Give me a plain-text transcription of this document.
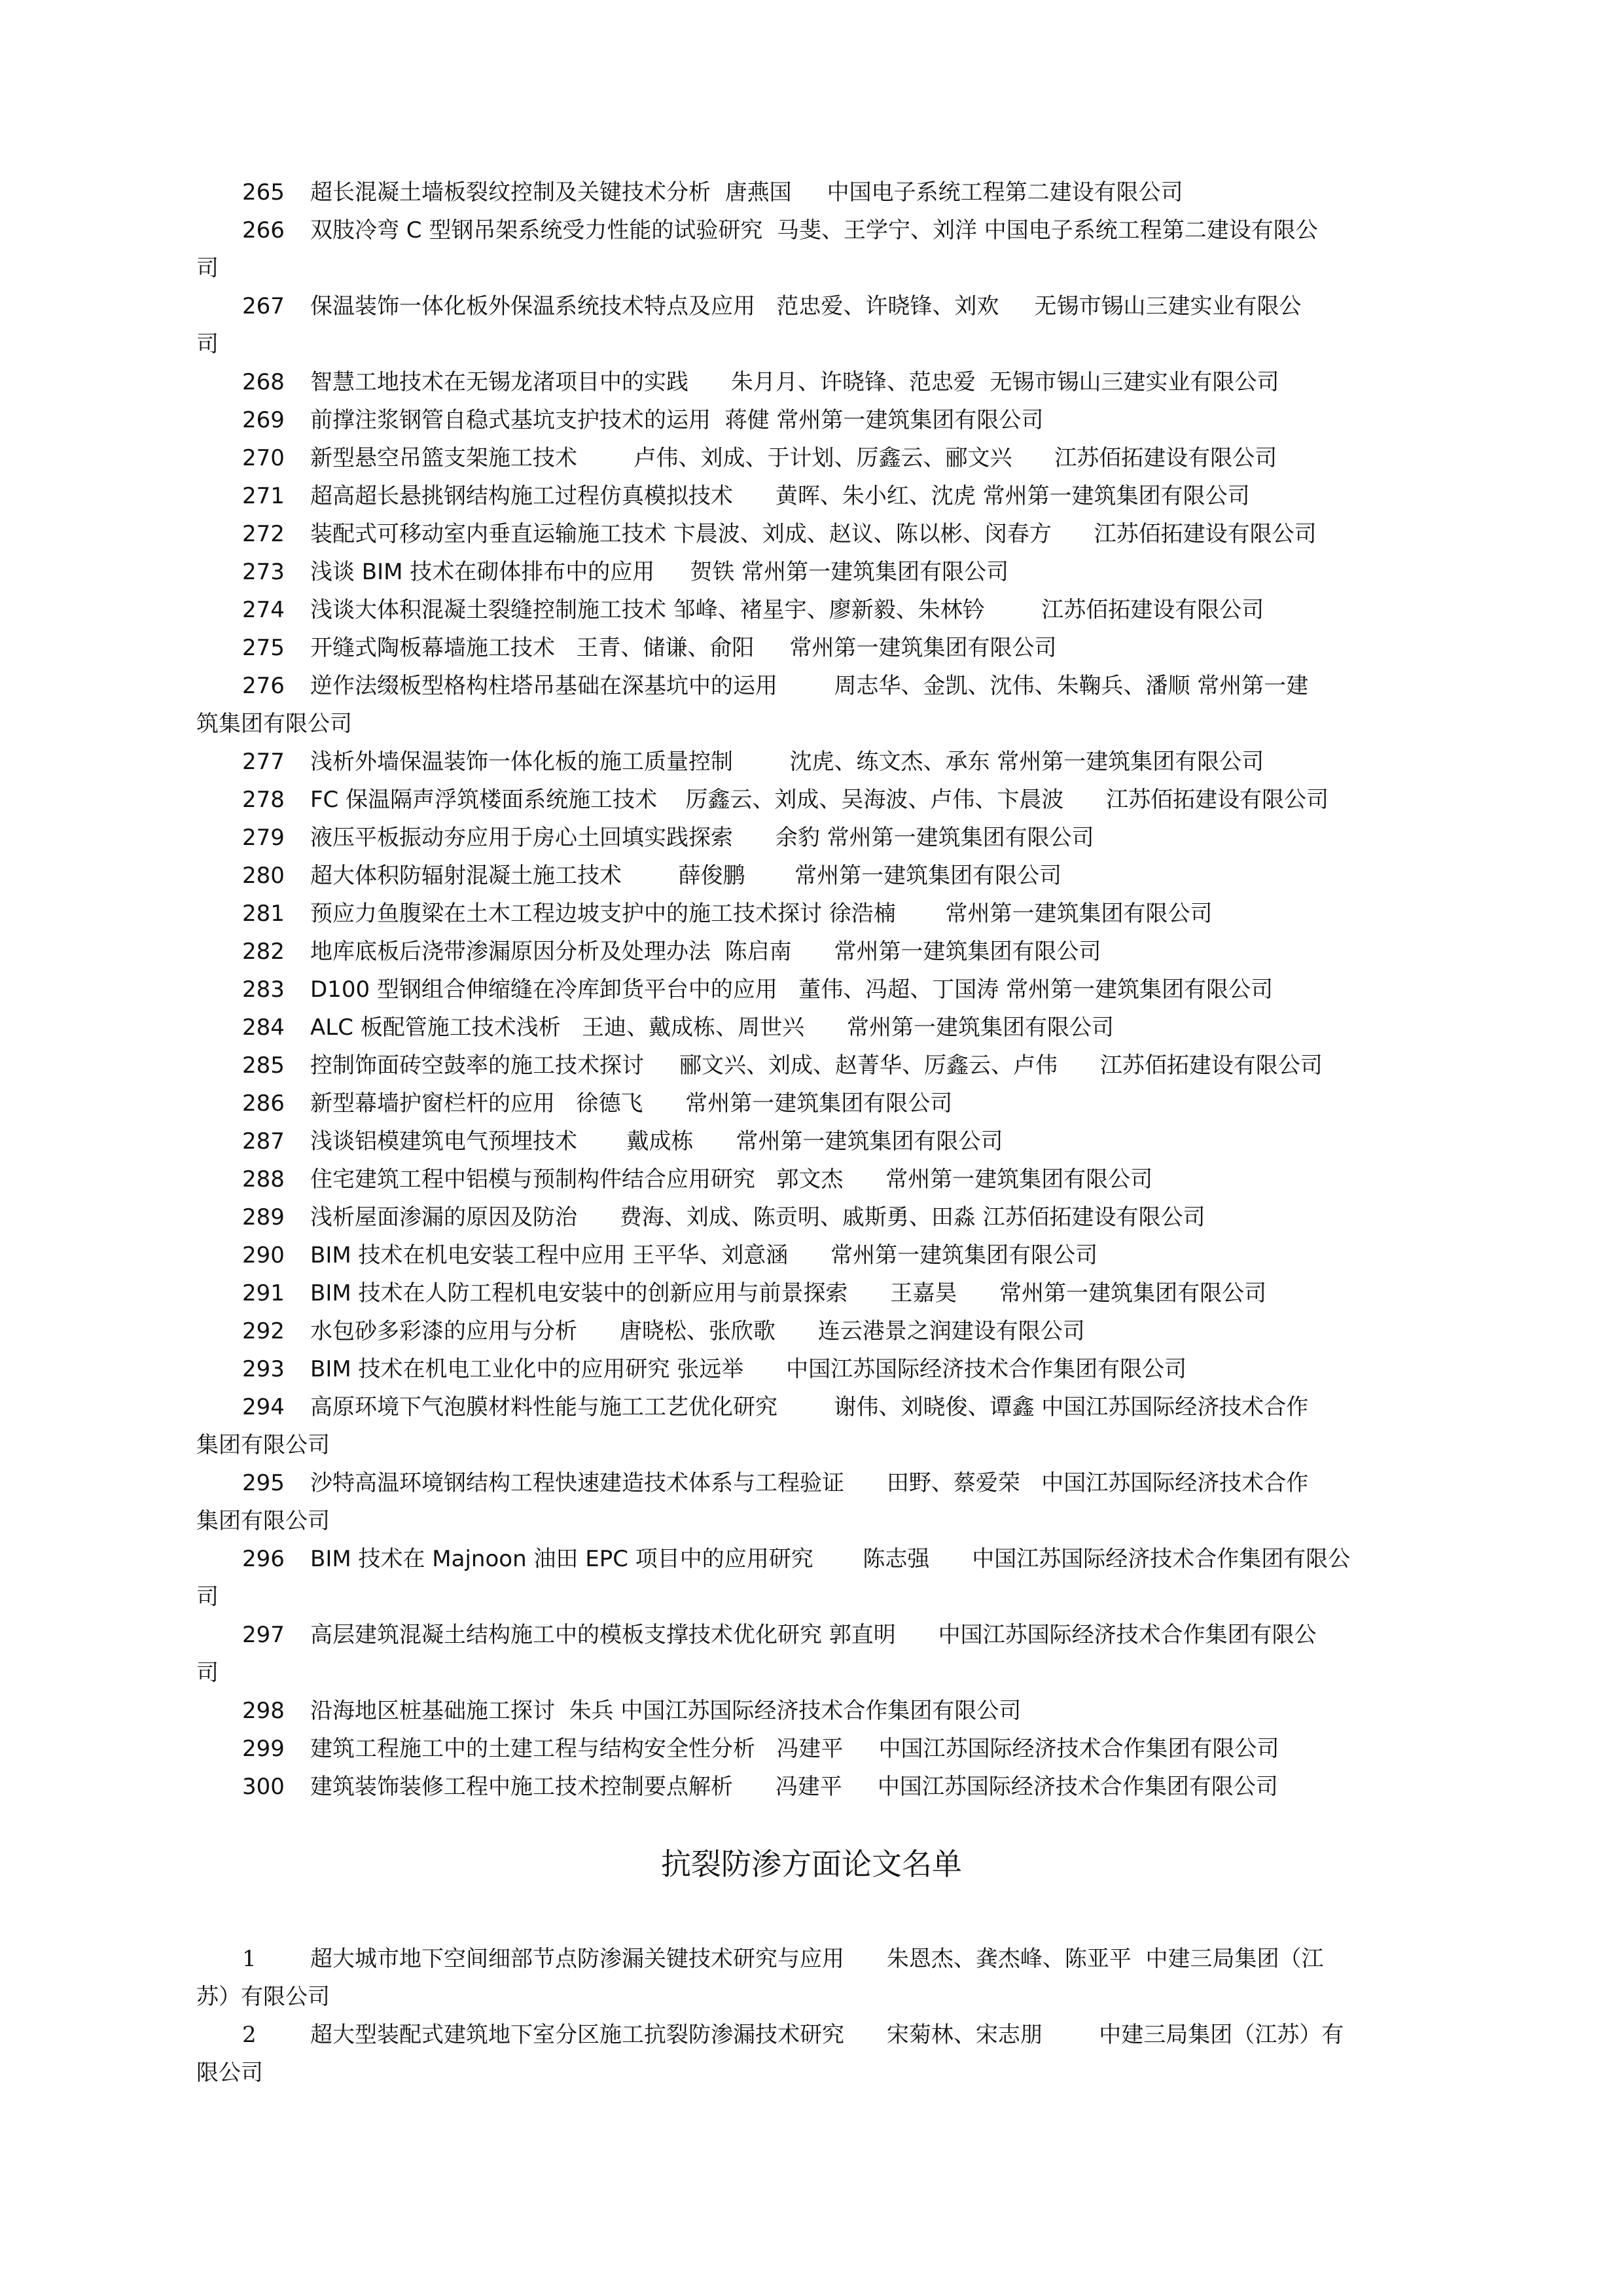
265 超长混凝土墙板裂纹控制及关键技术分析  唐燕国     中国电子系统工程第二建设有限公司
266 双肢冷弯 C 型钢吊架系统受力性能的试验研究  马斐、王学宁、刘洋 中国电子系统工程第二建设有限公
司
267 保温装饰一体化板外保温系统技术特点及应用   范忠爱、许晓锋、刘欢     无锡市锡山三建实业有限公
司
268 智慧工地技术在无锡龙渚项目中的实践      朱月月、许晓锋、范忠爱  无锡市锡山三建实业有限公司
269 前撑注浆钢管自稳式基坑支护技术的运用  蒋健 常州第一建筑集团有限公司
270 新型悬空吊篮支架施工技术        卢伟、刘成、于计划、厉鑫云、郦文兴      江苏佰拓建设有限公司
271 超高超长悬挑钢结构施工过程仿真模拟技术      黄晖、朱小红、沈虎 常州第一建筑集团有限公司
272 装配式可移动室内垂直运输施工技术 卞晨波、刘成、赵议、陈以彬、闵春方      江苏佰拓建设有限公司
273 浅谈 BIM 技术在砌体排布中的应用     贺铁 常州第一建筑集团有限公司
274 浅谈大体积混凝土裂缝控制施工技术 邹峰、褚星宇、廖新毅、朱林钤        江苏佰拓建设有限公司
275 开缝式陶板幕墙施工技术   王青、储谦、俞阳     常州第一建筑集团有限公司
276 逆作法缀板型格构柱塔吊基础在深基坑中的运用        周志华、金凯、沈伟、朱鞠兵、潘顺 常州第一建
筑集团有限公司
277 浅析外墙保温装饰一体化板的施工质量控制        沈虎、练文杰、承东 常州第一建筑集团有限公司
278 FC 保温隔声浮筑楼面系统施工技术    厉鑫云、刘成、吴海波、卢伟、卞晨波      江苏佰拓建设有限公司
279 液压平板振动夯应用于房心土回填实践探索      余豹 常州第一建筑集团有限公司
280 超大体积防辐射混凝土施工技术        薛俊鹏       常州第一建筑集团有限公司
281 预应力鱼腹梁在土木工程边坡支护中的施工技术探讨 徐浩楠       常州第一建筑集团有限公司
282 地库底板后浇带渗漏原因分析及处理办法  陈启南      常州第一建筑集团有限公司
283 D100 型钢组合伸缩缝在冷库卸货平台中的应用   董伟、冯超、丁国涛 常州第一建筑集团有限公司
284 ALC 板配管施工技术浅析   王迪、戴成栋、周世兴      常州第一建筑集团有限公司
285 控制饰面砖空鼓率的施工技术探讨     郦文兴、刘成、赵菁华、厉鑫云、卢伟      江苏佰拓建设有限公司
286 新型幕墙护窗栏杆的应用   徐德飞      常州第一建筑集团有限公司
287 浅谈铝模建筑电气预埋技术       戴成栋      常州第一建筑集团有限公司
288 住宅建筑工程中铝模与预制构件结合应用研究   郭文杰      常州第一建筑集团有限公司
289 浅析屋面渗漏的原因及防治      费海、刘成、陈贡明、戚斯勇、田淼 江苏佰拓建设有限公司
290 BIM 技术在机电安装工程中应用 王平华、刘意涵      常州第一建筑集团有限公司
291 BIM 技术在人防工程机电安装中的创新应用与前景探索      王嘉昊      常州第一建筑集团有限公司
292 水包砂多彩漆的应用与分析      唐晓松、张欣歌      连云港景之润建设有限公司
293 BIM 技术在机电工业化中的应用研究 张远举      中国江苏国际经济技术合作集团有限公司
294 高原环境下气泡膜材料性能与施工工艺优化研究        谢伟、刘晓俊、谭鑫 中国江苏国际经济技术合作
集团有限公司
295 沙特高温环境钢结构工程快速建造技术体系与工程验证      田野、蔡爱荣   中国江苏国际经济技术合作
集团有限公司
296 BIM 技术在 Majnoon 油田 EPC 项目中的应用研究       陈志强      中国江苏国际经济技术合作集团有限公
司
297 高层建筑混凝土结构施工中的模板支撑技术优化研究 郭直明      中国江苏国际经济技术合作集团有限公
司
298 沿海地区桩基础施工探讨  朱兵 中国江苏国际经济技术合作集团有限公司
299 建筑工程施工中的土建工程与结构安全性分析   冯建平     中国江苏国际经济技术合作集团有限公司
300 建筑装饰装修工程中施工技术控制要点解析      冯建平     中国江苏国际经济技术合作集团有限公司
抗裂防渗方面论文名单
1 超大城市地下空间细部节点防渗漏关键技术研究与应用      朱恩杰、龚杰峰、陈亚平  中建三局集团（江
苏）有限公司
2 超大型装配式建筑地下室分区施工抗裂防渗漏技术研究      宋菊林、宋志朋        中建三局集团（江苏）有
限公司
